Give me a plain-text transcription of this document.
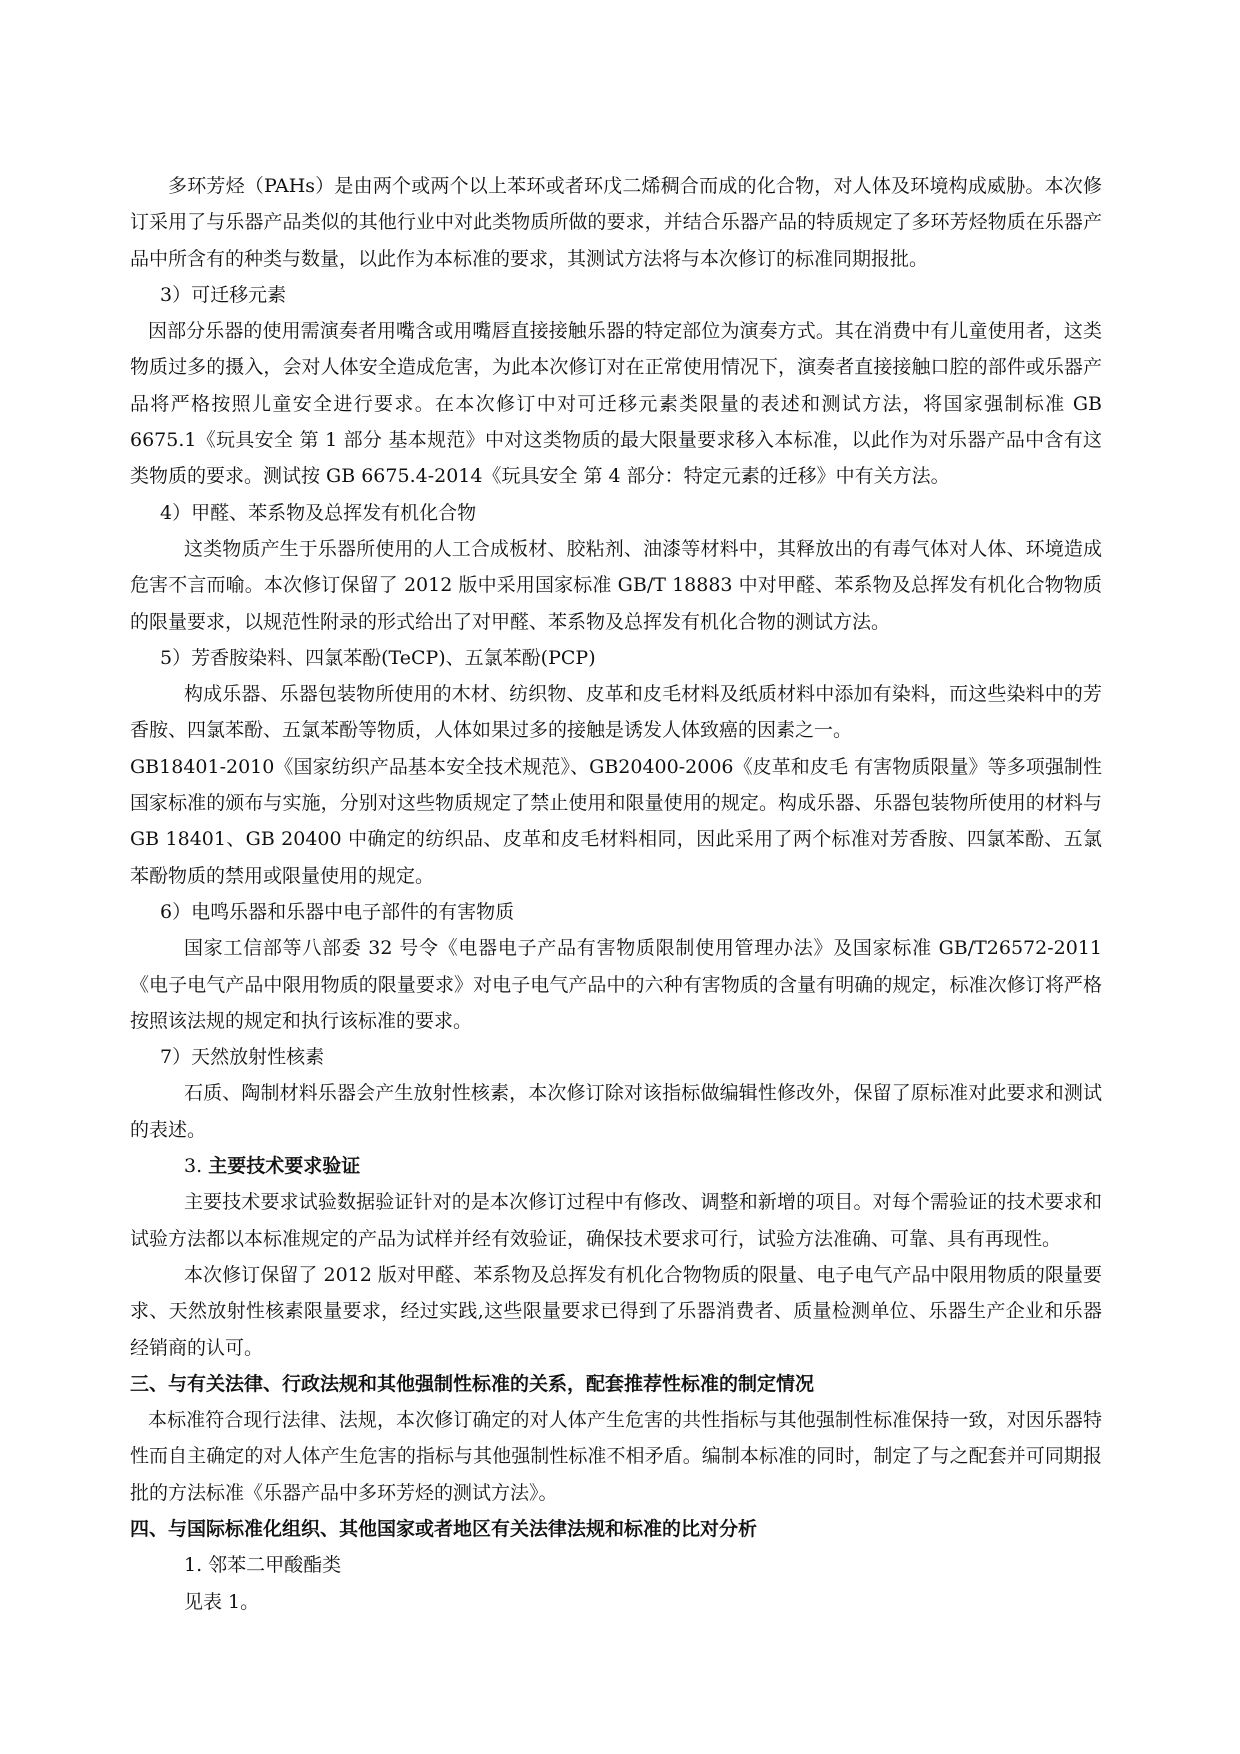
多环芳烃（PAHs）是由两个或两个以上苯环或者环戊二烯稠合而成的化合物，对人体及环境构成威胁。本次修订采用了与乐器产品类似的其他行业中对此类物质所做的要求，并结合乐器产品的特质规定了多环芳烃物质在乐器产品中所含有的种类与数量，以此作为本标准的要求，其测试方法将与本次修订的标准同期报批。

3）可迁移元素

因部分乐器的使用需演奏者用嘴含或用嘴唇直接接触乐器的特定部位为演奏方式。其在消费中有儿童使用者，这类物质过多的摄入，会对人体安全造成危害，为此本次修订对在正常使用情况下，演奏者直接接触口腔的部件或乐器产品将严格按照儿童安全进行要求。在本次修订中对可迁移元素类限量的表述和测试方法，将国家强制标准 GB 6675.1《玩具安全 第 1 部分 基本规范》中对这类物质的最大限量要求移入本标准，以此作为对乐器产品中含有这类物质的要求。测试按 GB 6675.4-2014《玩具安全 第 4 部分：特定元素的迁移》中有关方法。

4）甲醛、苯系物及总挥发有机化合物

这类物质产生于乐器所使用的人工合成板材、胶粘剂、油漆等材料中，其释放出的有毒气体对人体、环境造成危害不言而喻。本次修订保留了 2012 版中采用国家标准 GB/T 18883 中对甲醛、苯系物及总挥发有机化合物物质的限量要求，以规范性附录的形式给出了对甲醛、苯系物及总挥发有机化合物的测试方法。

5）芳香胺染料、四氯苯酚(TeCP)、五氯苯酚(PCP)

构成乐器、乐器包装物所使用的木材、纺织物、皮革和皮毛材料及纸质材料中添加有染料，而这些染料中的芳香胺、四氯苯酚、五氯苯酚等物质，人体如果过多的接触是诱发人体致癌的因素之一。

GB18401-2010《国家纺织产品基本安全技术规范》、GB20400-2006《皮革和皮毛 有害物质限量》等多项强制性国家标准的颁布与实施，分别对这些物质规定了禁止使用和限量使用的规定。构成乐器、乐器包装物所使用的材料与 GB 18401、GB 20400 中确定的纺织品、皮革和皮毛材料相同，因此采用了两个标准对芳香胺、四氯苯酚、五氯苯酚物质的禁用或限量使用的规定。

6）电鸣乐器和乐器中电子部件的有害物质

国家工信部等八部委 32 号令《电器电子产品有害物质限制使用管理办法》及国家标准 GB/T26572-2011《电子电气产品中限用物质的限量要求》对电子电气产品中的六种有害物质的含量有明确的规定，标准次修订将严格按照该法规的规定和执行该标准的要求。

7）天然放射性核素

石质、陶制材料乐器会产生放射性核素，本次修订除对该指标做编辑性修改外，保留了原标准对此要求和测试的表述。

3. 主要技术要求验证

主要技术要求试验数据验证针对的是本次修订过程中有修改、调整和新增的项目。对每个需验证的技术要求和试验方法都以本标准规定的产品为试样并经有效验证，确保技术要求可行，试验方法准确、可靠、具有再现性。

本次修订保留了 2012 版对甲醛、苯系物及总挥发有机化合物物质的限量、电子电气产品中限用物质的限量要求、天然放射性核素限量要求，经过实践,这些限量要求已得到了乐器消费者、质量检测单位、乐器生产企业和乐器经销商的认可。

三、与有关法律、行政法规和其他强制性标准的关系，配套推荐性标准的制定情况

本标准符合现行法律、法规，本次修订确定的对人体产生危害的共性指标与其他强制性标准保持一致，对因乐器特性而自主确定的对人体产生危害的指标与其他强制性标准不相矛盾。编制本标准的同时，制定了与之配套并可同期报批的方法标准《乐器产品中多环芳烃的测试方法》。

四、与国际标准化组织、其他国家或者地区有关法律法规和标准的比对分析

1. 邻苯二甲酸酯类

见表 1。
